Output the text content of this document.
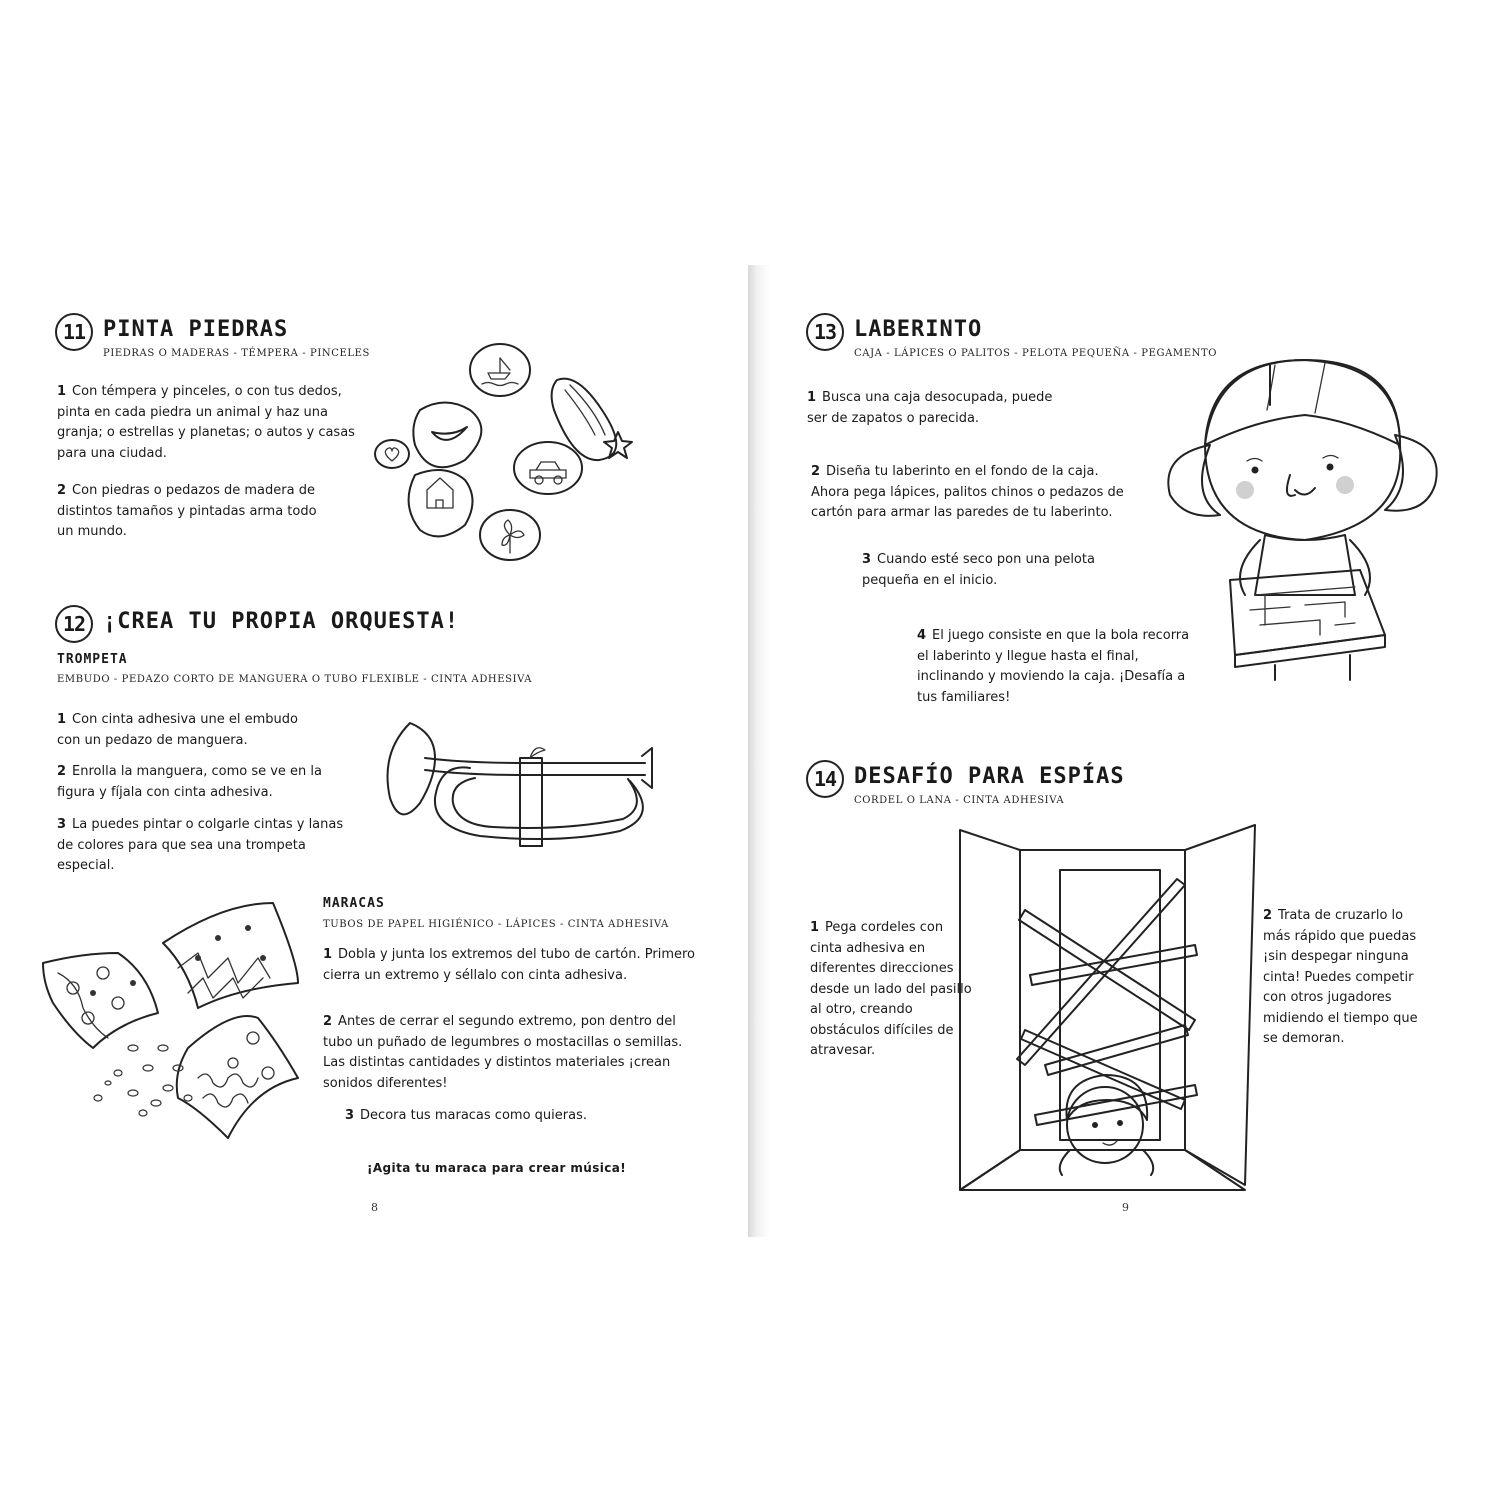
11 PINTA PIEDRAS
PIEDRAS O MADERAS - TÉMPERA - PINCELES
1 Con témpera y pinceles, o con tus dedos, pinta en cada piedra un animal y haz una granja; o estrellas y planetas; o autos y casas para una ciudad.
2 Con piedras o pedazos de madera de distintos tamaños y pintadas arma todo un mundo.
12 ¡CREA TU PROPIA ORQUESTA!
TROMPETA
EMBUDO - PEDAZO CORTO DE MANGUERA O TUBO FLEXIBLE - CINTA ADHESIVA
1 Con cinta adhesiva une el embudo con un pedazo de manguera.
2 Enrolla la manguera, como se ve en la figura y fíjala con cinta adhesiva.
3 La puedes pintar o colgarle cintas y lanas de colores para que sea una trompeta especial.
MARACAS
TUBOS DE PAPEL HIGIÉNICO - LÁPICES - CINTA ADHESIVA
1 Dobla y junta los extremos del tubo de cartón. Primero cierra un extremo y séllalo con cinta adhesiva.
2 Antes de cerrar el segundo extremo, pon dentro del tubo un puñado de legumbres o mostacillas o semillas. Las distintas cantidades y distintos materiales ¡crean sonidos diferentes!
3 Decora tus maracas como quieras.
¡Agita tu maraca para crear música!
8
13 LABERINTO
CAJA - LÁPICES O PALITOS - PELOTA PEQUEÑA - PEGAMENTO
1 Busca una caja desocupada, puede ser de zapatos o parecida.
2 Diseña tu laberinto en el fondo de la caja. Ahora pega lápices, palitos chinos o pedazos de cartón para armar las paredes de tu laberinto.
3 Cuando esté seco pon una pelota pequeña en el inicio.
4 El juego consiste en que la bola recorra el laberinto y llegue hasta el final, inclinando y moviendo la caja. ¡Desafía a tus familiares!
14 DESAFÍO PARA ESPÍAS
CORDEL O LANA - CINTA ADHESIVA
1 Pega cordeles con cinta adhesiva en diferentes direcciones desde un lado del pasillo al otro, creando obstáculos difíciles de atravesar.
2 Trata de cruzarlo lo más rápido que puedas ¡sin despegar ninguna cinta! Puedes competir con otros jugadores midiendo el tiempo que se demoran.
9
